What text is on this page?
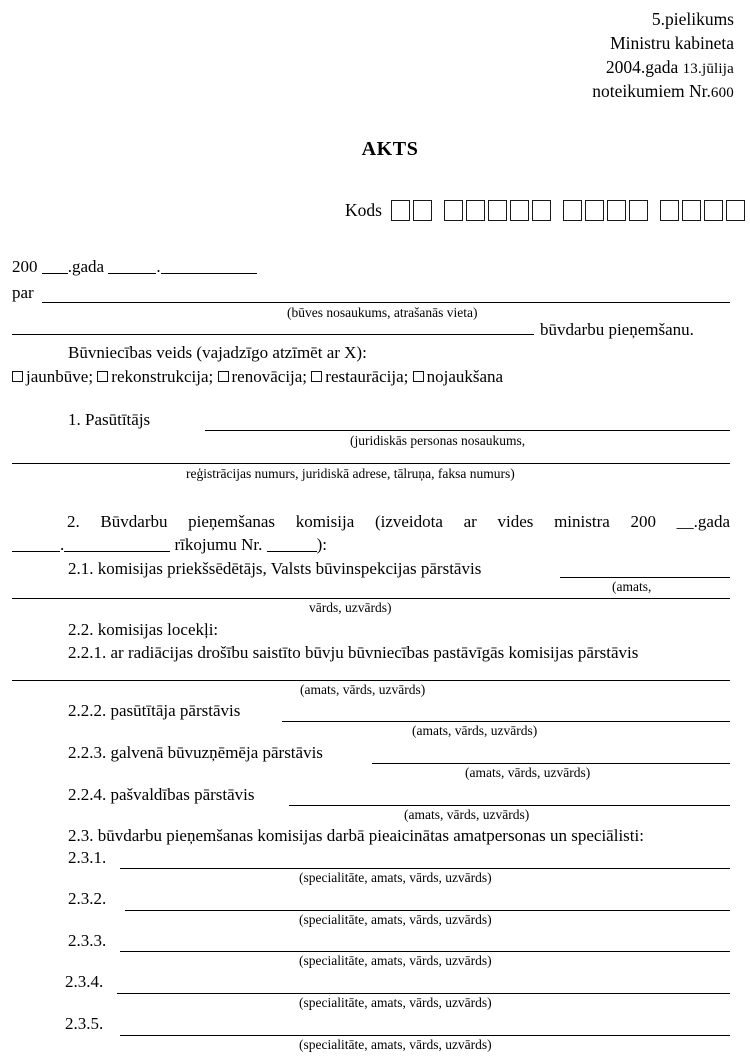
5.pielikums
Ministru kabineta
2004.gada 13.jūlija
noteikumiem Nr.600
AKTS
Kods
200 .gada	.
par
(būves nosaukums, atrašanās vieta)
būvdarbu pieņemšanu.
Būvniecības veids (vajadzīgo atzīmēt ar X):
jaunbūve; rekonstrukcija; renovācija; restaurācija; nojaukšana
1. Pasūtītājs
(juridiskās personas nosaukums,
reģistrācijas numurs, juridiskā adrese, tālruņa, faksa numurs)
2. Būvdarbu pieņemšanas komisija (izveidota ar vides ministra 200 __.gada
.	rīkojumu Nr.	):
2.1. komisijas priekšsēdētājs, Valsts būvinspekcijas pārstāvis
(amats,
vārds, uzvārds)
2.2. komisijas locekļi:
2.2.1. ar radiācijas drošību saistīto būvju būvniecības pastāvīgās komisijas pārstāvis
(amats, vārds, uzvārds)
2.2.2. pasūtītāja pārstāvis
(amats, vārds, uzvārds)
2.2.3. galvenā būvuzņēmēja pārstāvis
(amats, vārds, uzvārds)
2.2.4. pašvaldības pārstāvis
(amats, vārds, uzvārds)
2.3. būvdarbu pieņemšanas komisijas darbā pieaicinātas amatpersonas un speciālisti:
2.3.1.
(specialitāte, amats, vārds, uzvārds)
2.3.2.
(specialitāte, amats, vārds, uzvārds)
2.3.3.
(specialitāte, amats, vārds, uzvārds)
2.3.4.
(specialitāte, amats, vārds, uzvārds)
2.3.5.
(specialitāte, amats, vārds, uzvārds)
